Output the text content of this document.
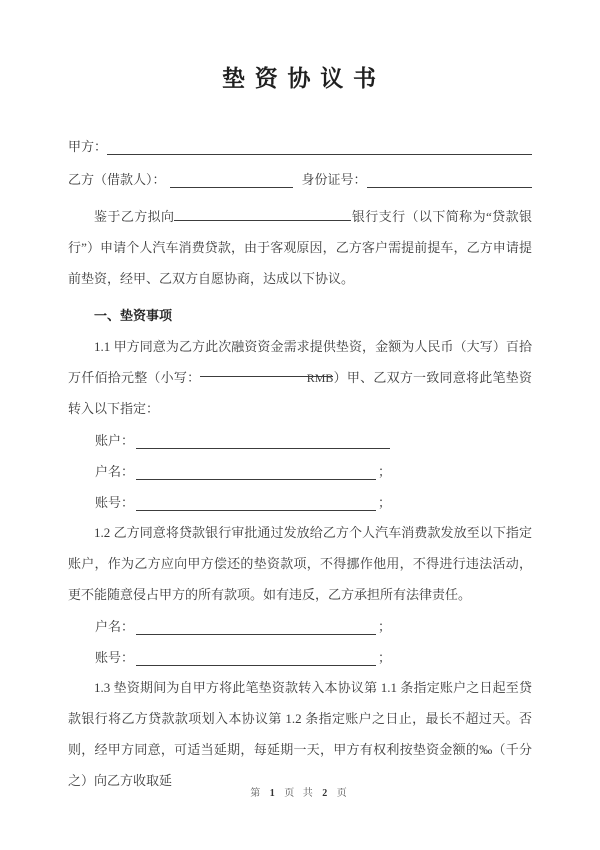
垫 资 协 议 书
甲方：
乙方（借款人）：	身份证号：

鉴于乙方拟向	银行支行（以下简称为“贷款银行”）申请个人汽车消费贷款，由于客观原因，乙方客户需提前提车，乙方申请提前垫资，经甲、乙双方自愿协商，达成以下协议。

一、垫资事项

1.1 甲方同意为乙方此次融资资金需求提供垫资，金额为人民币（大写）百拾万仟佰拾元整（小写：	RMB）甲、乙双方一致同意将此笔垫资转入以下指定：

账户：
户名：	；
账号：	；

1.2 乙方同意将贷款银行审批通过发放给乙方个人汽车消费款发放至以下指定账户，作为乙方应向甲方偿还的垫资款项，不得挪作他用，不得进行违法活动，更不能随意侵占甲方的所有款项。如有违反，乙方承担所有法律责任。

户名：	；
账号：	；

1.3 垫资期间为自甲方将此笔垫资款转入本协议第 1.1 条指定账户之日起至贷款银行将乙方贷款款项划入本协议第 1.2 条指定账户之日止，最长不超过天。否则，经甲方同意，可适当延期，每延期一天，甲方有权利按垫资金额的‰（千分之）向乙方收取延

第 1 页 共 2 页
